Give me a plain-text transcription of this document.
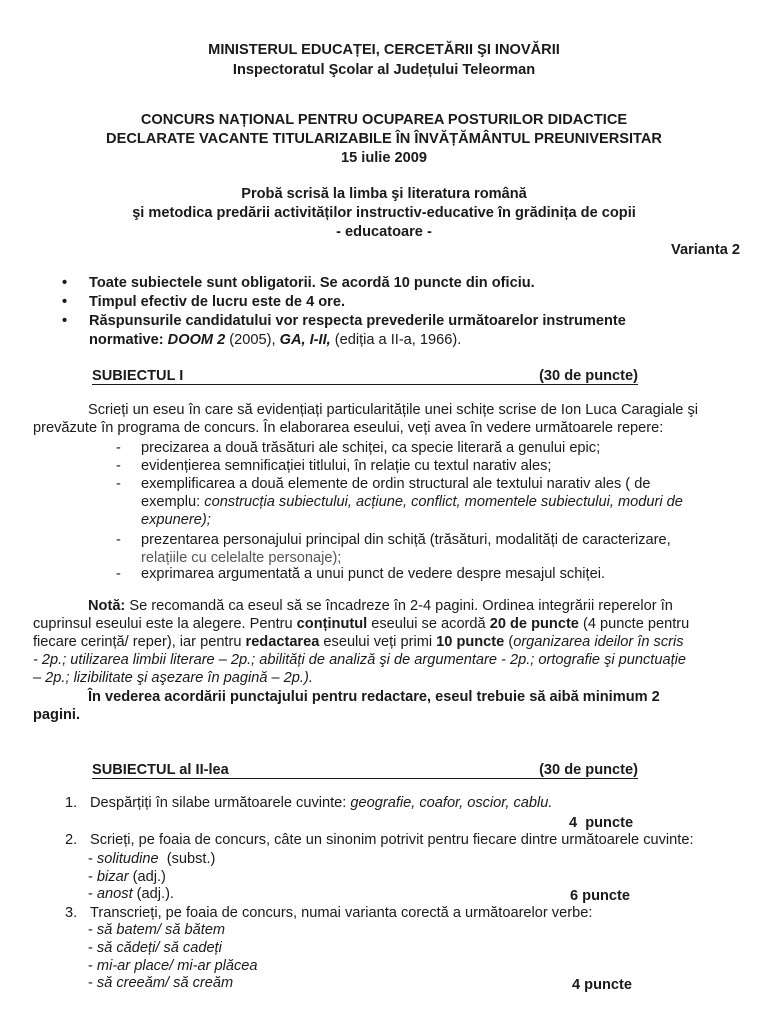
MINISTERUL EDUCAȚEI, CERCETĂRII ŞI INOVĂRII
Inspectoratul Şcolar al Județului Teleorman
CONCURS NAȚIONAL PENTRU OCUPAREA POSTURILOR DIDACTICE
DECLARATE VACANTE TITULARIZABILE ÎN ÎNVĂȚĂMÂNTUL PREUNIVERSITAR
15 iulie 2009
Probă scrisă la limba şi literatura română
şi metodica predării activităților instructiv-educative în grădinița de copii
- educatoare -
Varianta 2
• Toate subiectele sunt obligatorii. Se acordă 10 puncte din oficiu.
• Timpul efectiv de lucru este de 4 ore.
• Răspunsurile candidatului vor respecta prevederile următoarelor instrumente
normative: DOOM 2 (2005), GA, I-II, (ediția a II-a, 1966).
SUBIECTUL I	(30 de puncte)
Scrieți un eseu în care să evidențiați particularitățile unei schițe scrise de Ion Luca Caragiale şi
prevăzute în programa de concurs. În elaborarea eseului, veți avea în vedere următoarele repere:
- precizarea a două trăsături ale schiței, ca specie literară a genului epic;
- evidențierea semnificației titlului, în relație cu textul narativ ales;
- exemplificarea a două elemente de ordin structural ale textului narativ ales ( de
exemplu: construcția subiectului, acțiune, conflict, momentele subiectului, moduri de
expunere);
- prezentarea personajului principal din schiță (trăsături, modalități de caracterizare,
relațiile cu celelalte personaje);
- exprimarea argumentată a unui punct de vedere despre mesajul schiței.
Notă: Se recomandă ca eseul să se încadreze în 2-4 pagini. Ordinea integrării reperelor în
cuprinsul eseului este la alegere. Pentru conținutul eseului se acordă 20 de puncte (4 puncte pentru
fiecare cerință/ reper), iar pentru redactarea eseului veți primi 10 puncte (organizarea ideilor în scris
- 2p.; utilizarea limbii literare – 2p.; abilități de analiză şi de argumentare - 2p.; ortografie şi punctuație
– 2p.; lizibilitate şi aşezare în pagină – 2p.).
În vederea acordării punctajului pentru redactare, eseul trebuie să aibă minimum 2
pagini.
SUBIECTUL al II-lea	(30 de puncte)
1. Despărțiți în silabe următoarele cuvinte: geografie, coafor, oscior, cablu.
4  puncte
2. Scrieți, pe foaia de concurs, câte un sinonim potrivit pentru fiecare dintre următoarele cuvinte:
- solitudine  (subst.)
- bizar (adj.)
- anost (adj.).	6 puncte
3. Transcrieți, pe foaia de concurs, numai varianta corectă a următoarelor verbe:
- să batem/ să bătem
- să cădeți/ să cadeți
- mi-ar place/ mi-ar plăcea
- să creeăm/ să creăm	4 puncte
